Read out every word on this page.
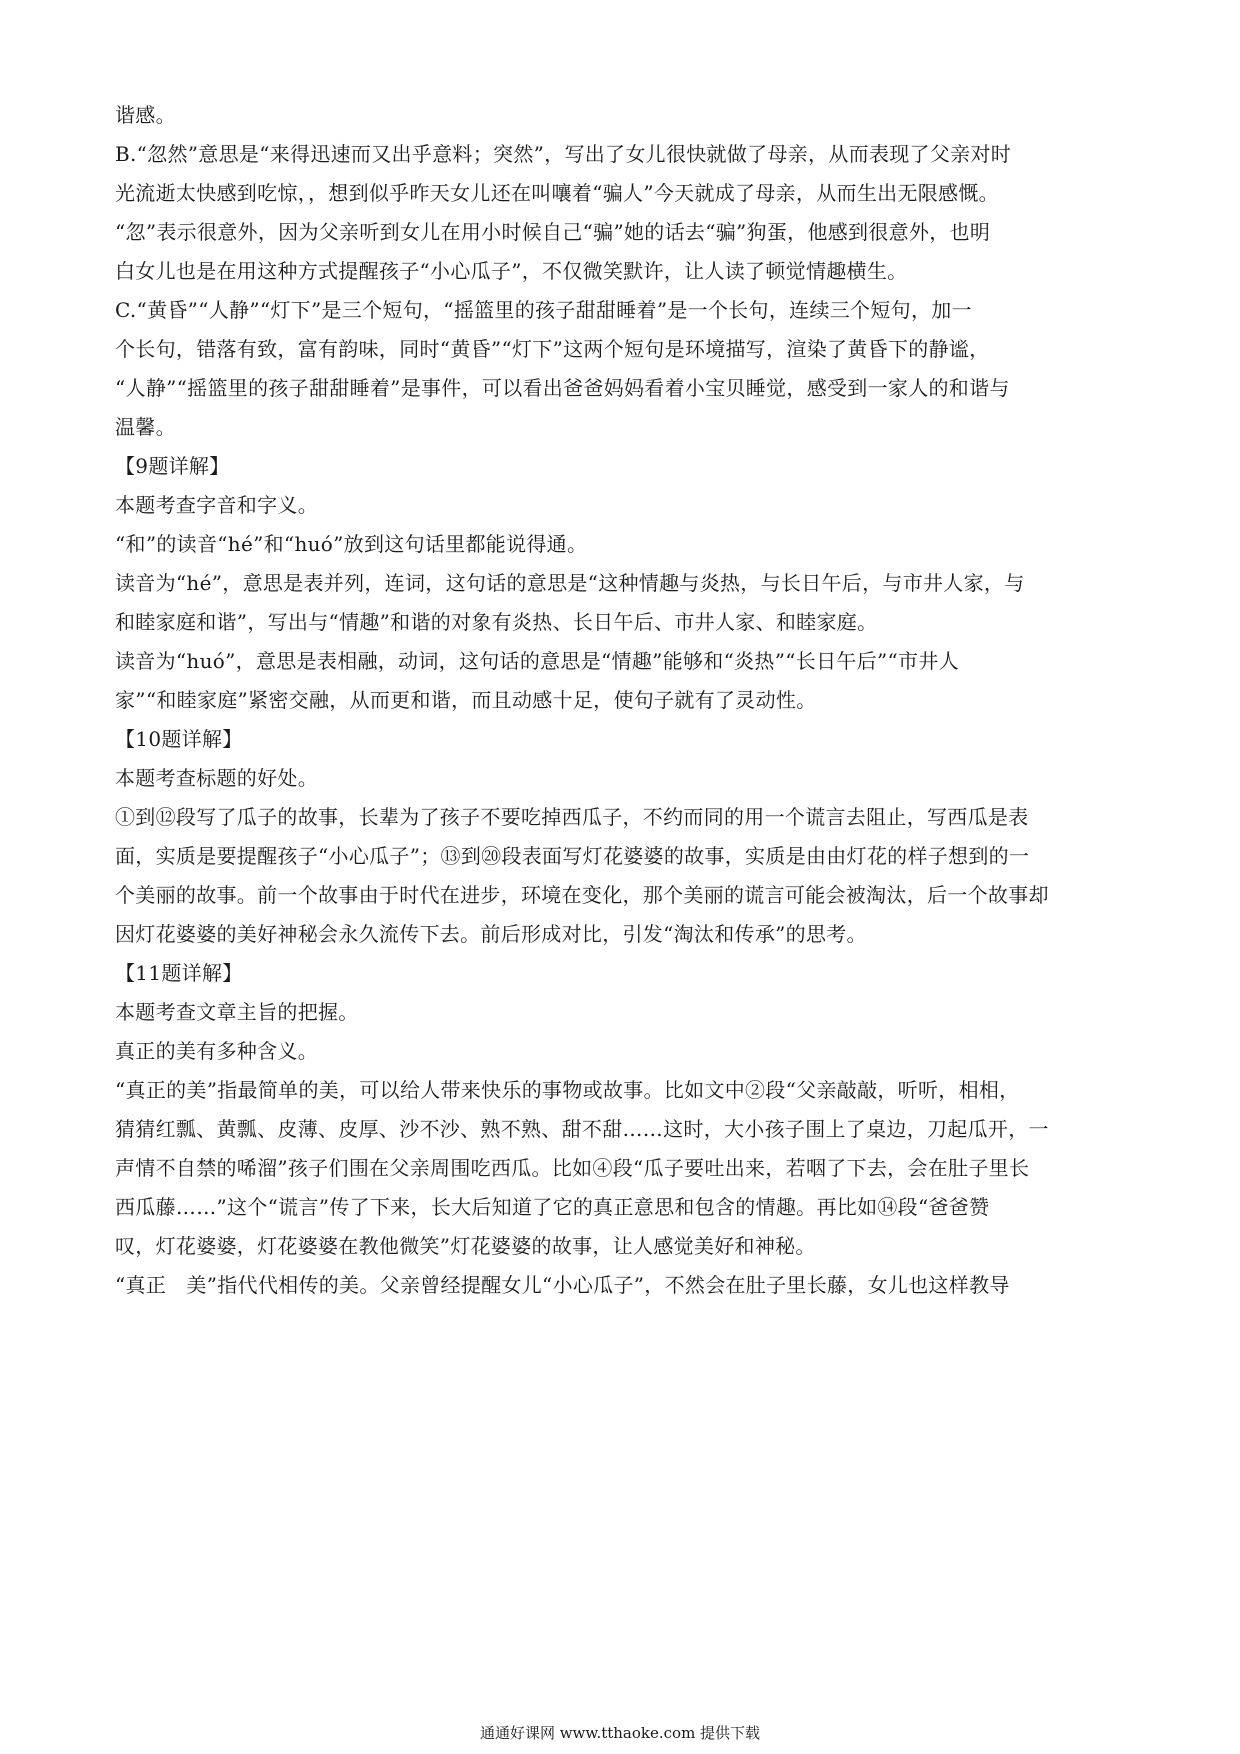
谐感。
B.“忽然”意思是“来得迅速而又出乎意料；突然”，写出了女儿很快就做了母亲，从而表现了父亲对时
光流逝太快感到吃惊，，想到似乎昨天女儿还在叫嚷着“骗人”今天就成了母亲，从而生出无限感慨。
“忽”表示很意外，因为父亲听到女儿在用小时候自己“骗”她的话去“骗”狗蛋，他感到很意外，也明
白女儿也是在用这种方式提醒孩子“小心瓜子”，不仅微笑默许，让人读了顿觉情趣横生。
C.“黄昏”“人静”“灯下”是三个短句，“摇篮里的孩子甜甜睡着”是一个长句，连续三个短句，加一
个长句，错落有致，富有韵味，同时“黄昏”“灯下”这两个短句是环境描写，渲染了黄昏下的静谧，
“人静”“摇篮里的孩子甜甜睡着”是事件，可以看出爸爸妈妈看着小宝贝睡觉，感受到一家人的和谐与
温馨。
【9题详解】
本题考查字音和字义。
“和”的读音“hé”和“huó”放到这句话里都能说得通。
读音为“hé”，意思是表并列，连词，这句话的意思是“这种情趣与炎热，与长日午后，与市井人家，与
和睦家庭和谐”，写出与“情趣”和谐的对象有炎热、长日午后、市井人家、和睦家庭。
读音为“huó”，意思是表相融，动词，这句话的意思是“情趣”能够和“炎热”“长日午后”“市井人
家”“和睦家庭”紧密交融，从而更和谐，而且动感十足，使句子就有了灵动性。
【10题详解】
本题考查标题的好处。
①到⑫段写了瓜子的故事，长辈为了孩子不要吃掉西瓜子，不约而同的用一个谎言去阻止，写西瓜是表
面，实质是要提醒孩子“小心瓜子”；⑬到⑳段表面写灯花婆婆的故事，实质是由由灯花的样子想到的一
个美丽的故事。前一个故事由于时代在进步，环境在变化，那个美丽的谎言可能会被淘汰，后一个故事却
因灯花婆婆的美好神秘会永久流传下去。前后形成对比，引发“淘汰和传承”的思考。
【11题详解】
本题考查文章主旨的把握。
真正的美有多种含义。
“真正的美”指最简单的美，可以给人带来快乐的事物或故事。比如文中②段“父亲敲敲，听听，相相，
猜猜红瓢、黄瓢、皮薄、皮厚、沙不沙、熟不熟、甜不甜……这时，大小孩子围上了桌边，刀起瓜开，一
声情不自禁的唏溜”孩子们围在父亲周围吃西瓜。比如④段“瓜子要吐出来，若咽了下去，会在肚子里长
西瓜藤……”这个“谎言”传了下来，长大后知道了它的真正意思和包含的情趣。再比如⑭段“爸爸赞
叹，灯花婆婆，灯花婆婆在教他微笑”灯花婆婆的故事，让人感觉美好和神秘。
“真正　美”指代代相传的美。父亲曾经提醒女儿“小心瓜子”，不然会在肚子里长藤，女儿也这样教导
通通好课网 www.tthaoke.com 提供下载
